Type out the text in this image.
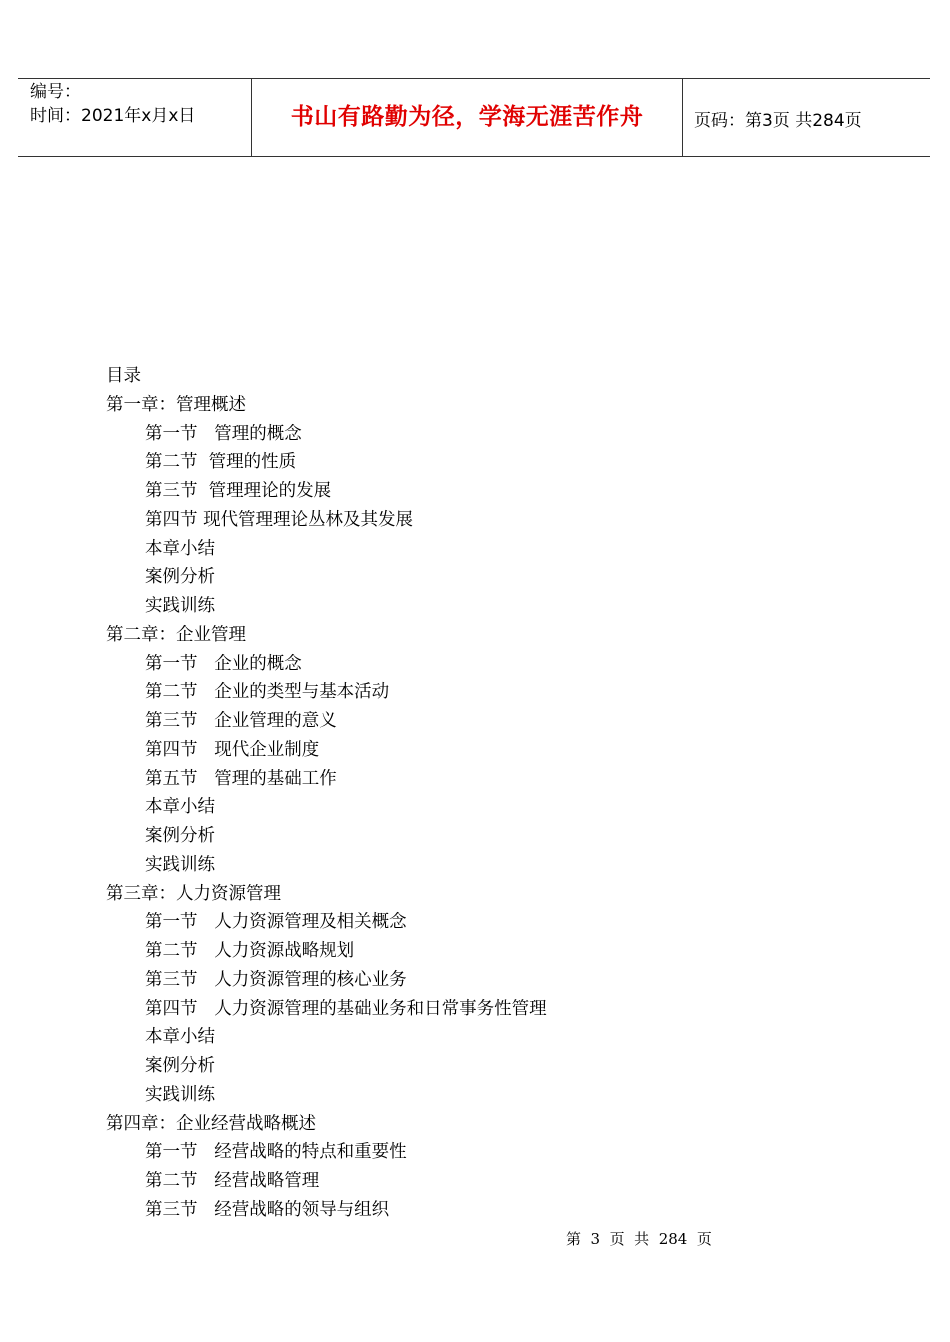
编号：
时间：2021年x月x日	书山有路勤为径，学海无涯苦作舟	页码：第3页 共284页
目录
第一章：管理概述
第一节   管理的概念
第二节  管理的性质
第三节  管理理论的发展
第四节 现代管理理论丛林及其发展
本章小结
案例分析
实践训练
第二章：企业管理
第一节   企业的概念
第二节   企业的类型与基本活动
第三节   企业管理的意义
第四节   现代企业制度
第五节   管理的基础工作
本章小结
案例分析
实践训练
第三章：人力资源管理
第一节   人力资源管理及相关概念
第二节   人力资源战略规划
第三节   人力资源管理的核心业务
第四节   人力资源管理的基础业务和日常事务性管理
本章小结
案例分析
实践训练
第四章：企业经营战略概述
第一节   经营战略的特点和重要性
第二节   经营战略管理
第三节   经营战略的领导与组织
第  3  页  共  284  页
